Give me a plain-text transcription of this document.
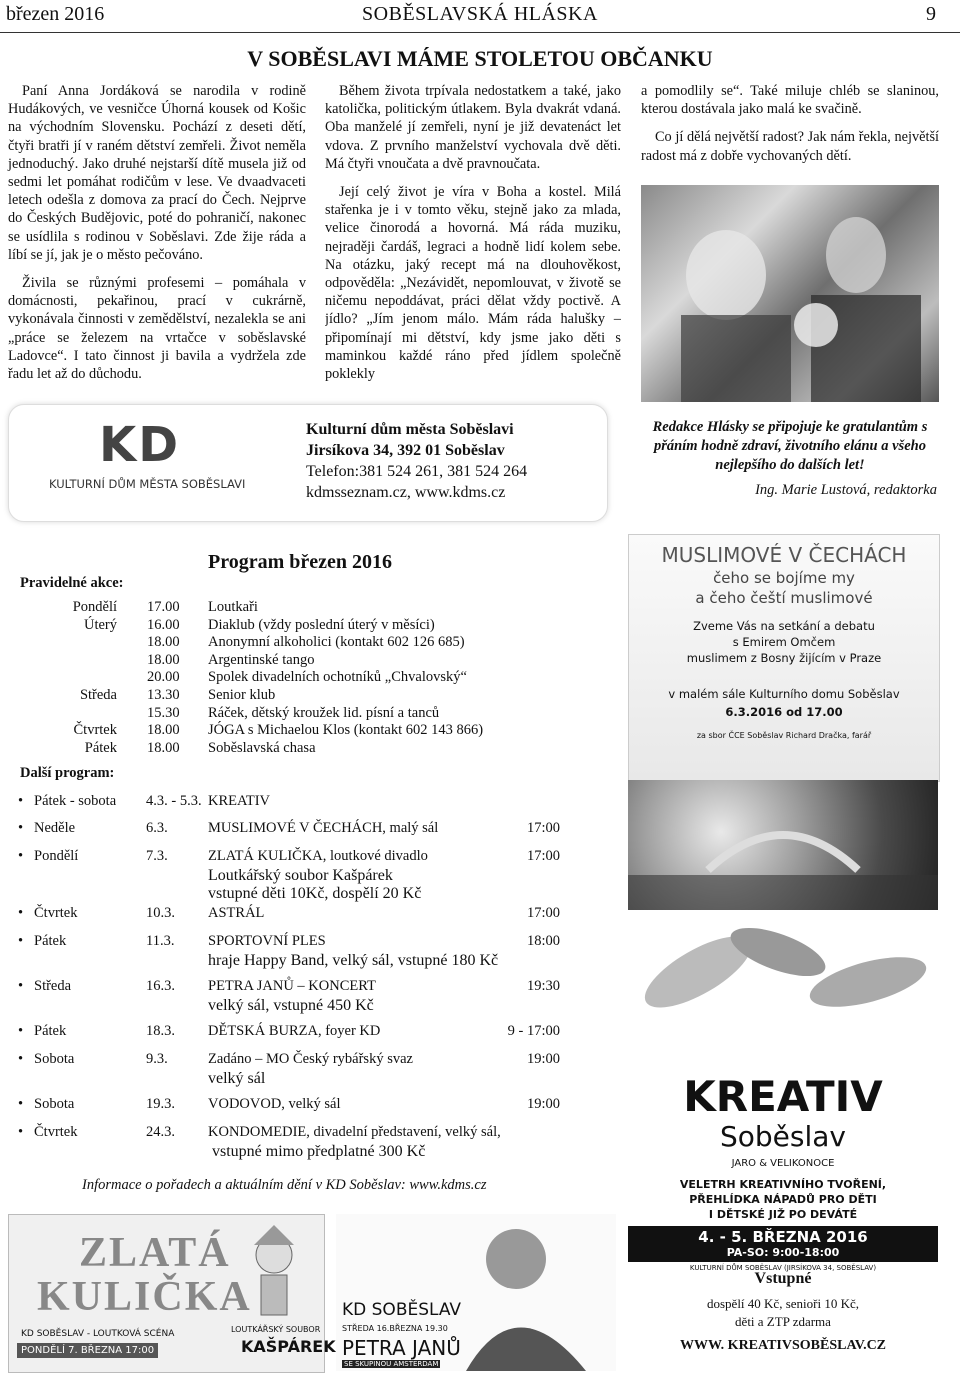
březen 2016	SOBĚSLAVSKÁ HLÁSKA	9
V SOBĚSLAVI MÁME STOLETOU OBČANKU

Paní Anna Jordáková se narodila v rodině Hudákových, ve vesničce Úhorná kousek od Košic na východním Slovensku. Pochází z deseti dětí, čtyři bratři jí v raném dětství zemřeli. Život neměla jednoduchý. Jako druhé nejstarší dítě musela již od sedmi let pomáhat rodičům v lese. Ve dvaadvaceti letech odešla z domova za prací do Čech. Nejprve do Českých Budějovic, poté do pohraničí, nakonec se usídlila s rodinou v Soběslavi. Zde žije ráda a líbí se jí, jak je o město pečováno.

Živila se různými profesemi – pomáhala v domácnosti, pekařinou, prací v cukrárně, vykonávala činnosti v zemědělství, nezalekla se ani „práce se železem na vrtačce v soběslavské Ladovce“. I tato činnost ji bavila a vydržela zde řadu let až do důchodu.

Během života trpívala nedostatkem a také, jako katolička, politickým útlakem. Byla dvakrát vdaná. Oba manželé jí zemřeli, nyní je již devatenáct let vdova. Z prvního manželství vychovala dvě děti. Má čtyři vnoučata a dvě pravnoučata.

Její celý život je víra v Boha a kostel. Milá stařenka je i v tomto věku, stejně jako za mlada, velice činorodá a hovorná. Má ráda muziku, nejraději čardáš, legraci a hodně lidí kolem sebe. Na otázku, jaký recept má na dlouhověkost, odpověděla: „Nezávidět, nepomlouvat, v životě se ničemu nepoddávat, práci dělat vždy poctivě. A jídlo? „Jím jenom málo. Mám ráda halušky – připomínají mi dětství, kdy jsme jako děti s maminkou každé ráno před jídlem společně poklekly

a pomodlily se“. Také miluje chléb se slaninou, kterou dostávala jako malá ke svačině.

Co jí dělá největší radost? Jak nám řekla, největší radost má z dobře vychovaných dětí.

KD
KULTURNÍ DŮM MĚSTA SOBĚSLAVI
Kulturní dům města Soběslavi
Jirsíkova 34, 392 01 Soběslav
Telefon:381 524 261, 381 524 264
kdmsseznam.cz, www.kdms.cz
Redakce Hlásky se připojuje ke gratulantům s přáním hodně zdraví, životního elánu a všeho nejlepšího do dalších let!
Ing. Marie Lustová, redaktorka
Program březen 2016
Pravidelné akce:
Pondělí 17.00 Loutkaři
Úterý 16.00 Diaklub (vždy poslední úterý v měsíci)
18.00 Anonymní alkoholici (kontakt 602 126 685)
18.00 Argentinské tango
20.00 Spolek divadelních ochotníků „Chvalovský“
Středa 13.30 Senior klub
15.30 Ráček, dětský kroužek lid. písní a tanců
Čtvrtek 18.00 JÓGA s Michaelou Klos (kontakt 602 143 866)
Pátek 18.00 Soběslavská chasa
Další program:
• Pátek - sobota 4.3. - 5.3. KREATIV
• Neděle	6.3.	MUSLIMOVÉ V ČECHÁCH, malý sál	17:00
• Pondělí	7.3.	ZLATÁ KULIČKA, loutkové divadlo	17:00
Loutkářský soubor Kašpárek
vstupné děti 10Kč, dospělí 20 Kč
• Čtvrtek	10.3. ASTRÁL	17:00
• Pátek	11.3. SPORTOVNÍ PLES	18:00
hraje Happy Band, velký sál, vstupné 180 Kč
• Středa	16.3. PETRA JANŮ – KONCERT	19:30
velký sál, vstupné 450 Kč
• Pátek	18.3. DĚTSKÁ BURZA, foyer KD	9 - 17:00
• Sobota	9.3.	Zadáno – MO Český rybářský svaz	19:00
velký sál
• Sobota	19.3. VODOVOD, velký sál	19:00
• Čtvrtek	24.3. KONDOMEDIE, divadelní představení, velký sál,
vstupné mimo předplatné 300 Kč
Informace o pořadech a aktuálním dění v KD Soběslav: www.kdms.cz
MUSLIMOVÉ V ČECHÁCH
čeho se bojíme my
a čeho čeští muslimové
Zveme Vás na setkání a debatu
s Emirem Omčem
muslimem z Bosny žijícím v Praze
v malém sále Kulturního domu Soběslav
6.3.2016 od 17.00
za sbor ČCE Soběslav Richard Dračka, farář
KREATIV
Soběslav
JARO & VELIKONOCE
VELETRH KREATIVNÍHO TVOŘENÍ,
PŘEHLÍDKA NÁPADŮ PRO DĚTI
I DĚTSKÉ JIŽ PO DEVÁTÉ
4. - 5. BŘEZNA 2016
PA-SO: 9:00-18:00
KULTURNÍ DŮM SOBĚSLAV (JIRSÍKOVA 34, SOBĚSLAV)
Vstupné
dospělí 40 Kč, senioři 10 Kč,
děti a ZTP zdarma
WWW. KREATIVSOBĚSLAV.CZ
ZLATÁ
KULIČKA
KD SOBĚSLAV - LOUTKOVÁ SCÉNA
PONDĚLÍ 7. BŘEZNA 17:00
LOUTKÁŘSKÝ SOUBOR
KAŠPÁREK
KD SOBĚSLAV
STŘEDA 16.BŘEZNA 19.30
PETRA JANŮ
SE SKUPINOU AMSTERDAM
